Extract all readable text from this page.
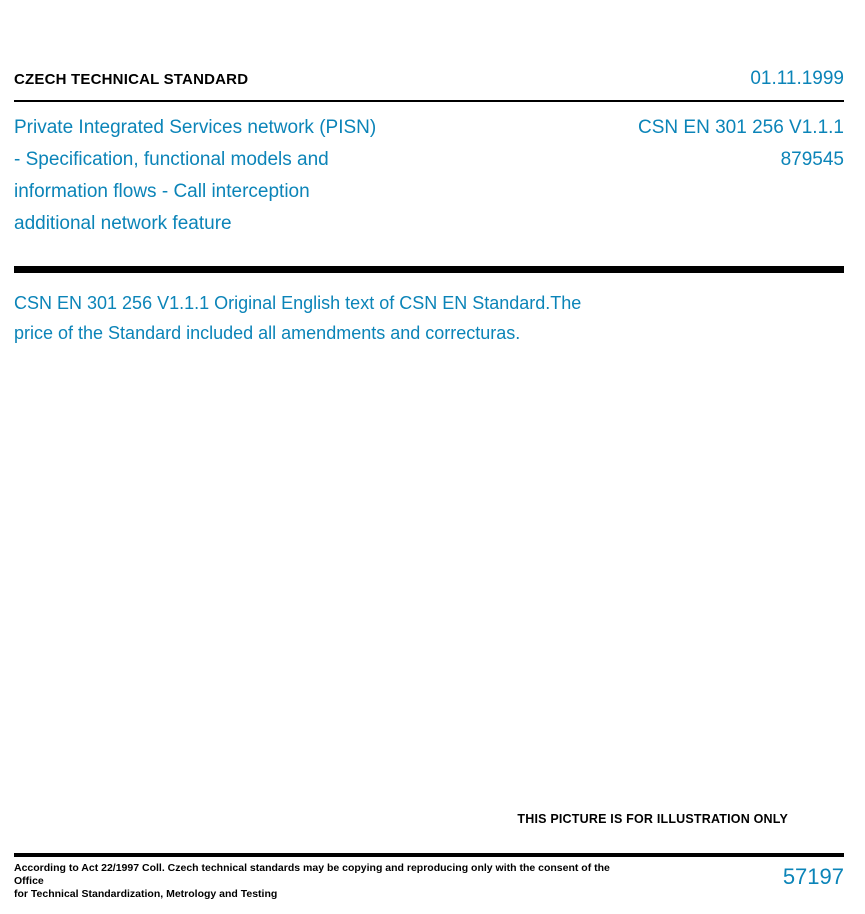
CZECH TECHNICAL STANDARD	01.11.1999
Private Integrated Services network (PISN)
- Specification, functional models and
information flows - Call interception
additional network feature
CSN EN 301 256 V1.1.1
879545
CSN EN 301 256 V1.1.1 Original English text of CSN EN Standard.The
price of the Standard included all amendments and correcturas.
THIS PICTURE IS FOR ILLUSTRATION ONLY
According to Act 22/1997 Coll. Czech technical standards may be copying and reproducing only with the consent of the Office
for Technical Standardization, Metrology and Testing
57197
